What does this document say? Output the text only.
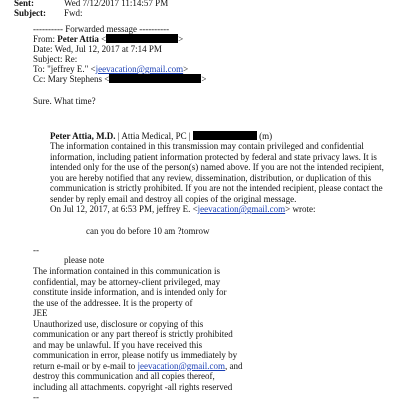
Sent:	Wed 7/12/2017 11:14:57 PM
Subject: Fwd:
---------- Forwarded message ----------
From: Peter Attia <	>
Date: Wed, Jul 12, 2017 at 7:14 PM
Subject: Re:
To: "jeffrey E." <jeevacation@gmail.com>
Cc: Mary Stephens <	>
Sure. What time?
Peter Attia, M.D. | Attia Medical, PC |	(m)
The information contained in this transmission may contain privileged and confidential
information, including patient information protected by federal and state privacy laws. It is
intended only for the use of the person(s) named above. If you are not the intended recipient,
you are hereby notified that any review, dissemination, distribution, or duplication of this
communication is strictly prohibited. If you are not the intended recipient, please contact the
sender by reply email and destroy all copies of the original message.
On Jul 12, 2017, at 6:53 PM, jeffrey E. <jeevacation@gmail.com> wrote:
can you do before 10 am ?tomrow
--
please note
The information contained in this communication is
confidential, may be attorney-client privileged, may
constitute inside information, and is intended only for
the use of the addressee. It is the property of
JEE
Unauthorized use, disclosure or copying of this
communication or any part thereof is strictly prohibited
and may be unlawful. If you have received this
communication in error, please notify us immediately by
return e-mail or by e-mail to jeevacation@gmail.com, and
destroy this communication and all copies thereof,
including all attachments. copyright -all rights reserved
--
